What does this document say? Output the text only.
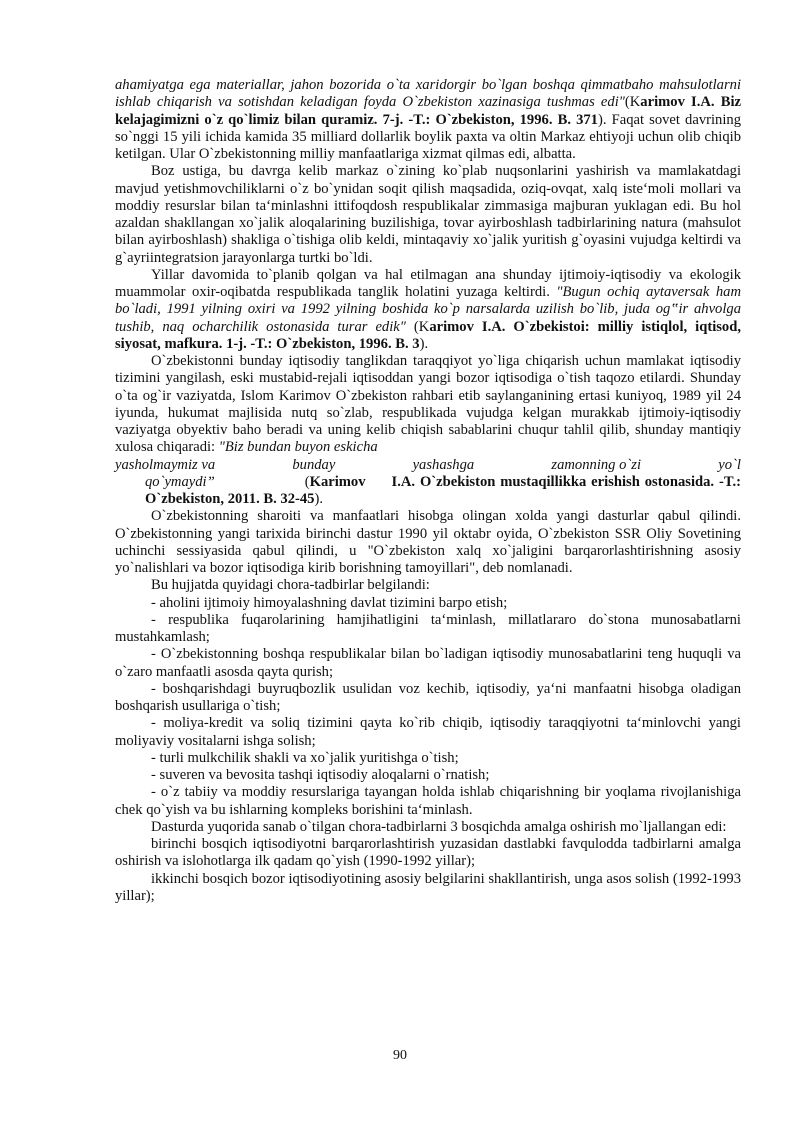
ahamiyatga ega materiallar, jahon bozorida o`ta xaridorgir bo`lgan boshqa qimmatbaho mahsulotlarni ishlab chiqarish va sotishdan keladigan foyda O`zbekiston xazinasiga tushmas edi"(Karimov I.A. Biz kelajagimizni o`z qo`limiz bilan quramiz. 7-j. -T.: O`zbekiston, 1996. B. 371). Faqat sovet davrining so`nggi 15 yili ichida kamida 35 milliard dollarlik boylik paxta va oltin Markaz ehtiyoji uchun olib chiqib ketilgan. Ular O`zbekistonning milliy manfaatlariga xizmat qilmas edi, albatta.

Boz ustiga, bu davrga kelib markaz o`zining ko`plab nuqsonlarini yashirish va mamlakatdagi mavjud yetishmovchiliklarni o`z bo`ynidan soqit qilish maqsadida, oziq-ovqat, xalq iste‘moli mollari va moddiy resurslar bilan ta‘minlashni ittifoqdosh respublikalar zimmasiga majburan yuklagan edi. Bu hol azaldan shakllangan xo`jalik aloqalarining buzilishiga, tovar ayirboshlash tadbirlarining natura (mahsulot bilan ayirboshlash) shakliga o`tishiga olib keldi, mintaqaviy xo`jalik yuritish g`oyasini vujudga keltirdi va g`ayriintegratsion jarayonlarga turtki bo`ldi.

Yillar davomida to`planib qolgan va hal etilmagan ana shunday ijtimoiy-iqtisodiy va ekologik muammolar oxir-oqibatda respublikada tanglik holatini yuzaga keltirdi. "Bugun ochiq aytaversak ham bo`ladi, 1991 yilning oxiri va 1992 yilning boshida ko`p narsalarda uzilish bo`lib, juda og‟ir ahvolga tushib, naq ocharchilik ostonasida turar edik" (Karimov I.A. O`zbekistoi: milliy istiqlol, iqtisod, siyosat, mafkura. 1-j. -T.: O`zbekiston, 1996. B. 3).

O`zbekistonni bunday iqtisodiy tanglikdan taraqqiyot yo`liga chiqarish uchun mamlakat iqtisodiy tizimini yangilash, eski mustabid-rejali iqtisoddan yangi bozor iqtisodiga o`tish taqozo etilardi. Shunday o`ta og`ir vaziyatda, Islom Karimov O`zbekiston rahbari etib saylanganining ertasi kuniyoq, 1989 yil 24 iyunda, hukumat majlisida nutq so`zlab, respublikada vujudga kelgan murakkab ijtimoiy-iqtisodiy vaziyatga obyektiv baho beradi va uning kelib chiqish sabablarini chuqur tahlil qilib, shunday mantiqiy xulosa chiqaradi: "Biz bundan buyon eskicha

yasholmaymiz va	bunday	yashashga	zamonning o`zi	yo`l
qo`ymaydi”	(Karimov I.A. O`zbekiston mustaqillikka erishish ostonasida. -T.: O`zbekiston, 2011. B. 32-45).

O`zbekistonning sharoiti va manfaatlari hisobga olingan xolda yangi dasturlar qabul qilindi. O`zbekistonning yangi tarixida birinchi dastur 1990 yil oktabr oyida, O`zbekiston SSR Oliy Sovetining uchinchi sessiyasida qabul qilindi, u "O`zbekiston xalq xo`jaligini barqarorlashtirishning asosiy yo`nalishlari va bozor iqtisodiga kirib borishning tamoyillari", deb nomlanadi.

Bu hujjatda quyidagi chora-tadbirlar belgilandi:

- aholini ijtimoiy himoyalashning davlat tizimini barpo etish;

- respublika fuqarolarining hamjihatligini ta‘minlash, millatlararo do`stona munosabatlarni mustahkamlash;

- O`zbekistonning boshqa respublikalar bilan bo`ladigan iqtisodiy munosabatlarini teng huquqli va o`zaro manfaatli asosda qayta qurish;

- boshqarishdagi buyruqbozlik usulidan voz kechib, iqtisodiy, ya‘ni manfaatni hisobga oladigan boshqarish usullariga o`tish;

- moliya-kredit va soliq tizimini qayta ko`rib chiqib, iqtisodiy taraqqiyotni ta‘minlovchi yangi moliyaviy vositalarni ishga solish;

- turli mulkchilik shakli va xo`jalik yuritishga o`tish;

- suveren va bevosita tashqi iqtisodiy aloqalarni o`rnatish;

- o`z tabiiy va moddiy resurslariga tayangan holda ishlab chiqarishning bir yoqlama rivojlanishiga chek qo`yish va bu ishlarning kompleks borishini ta‘minlash.

Dasturda yuqorida sanab o`tilgan chora-tadbirlarni 3 bosqichda amalga oshirish mo`ljallangan edi:

birinchi bosqich iqtisodiyotni barqarorlashtirish yuzasidan dastlabki favqulodda tadbirlarni amalga oshirish va islohotlarga ilk qadam qo`yish (1990-1992 yillar);

ikkinchi bosqich bozor iqtisodiyotining asosiy belgilarini shakllantirish, unga asos solish (1992-1993 yillar);

90
